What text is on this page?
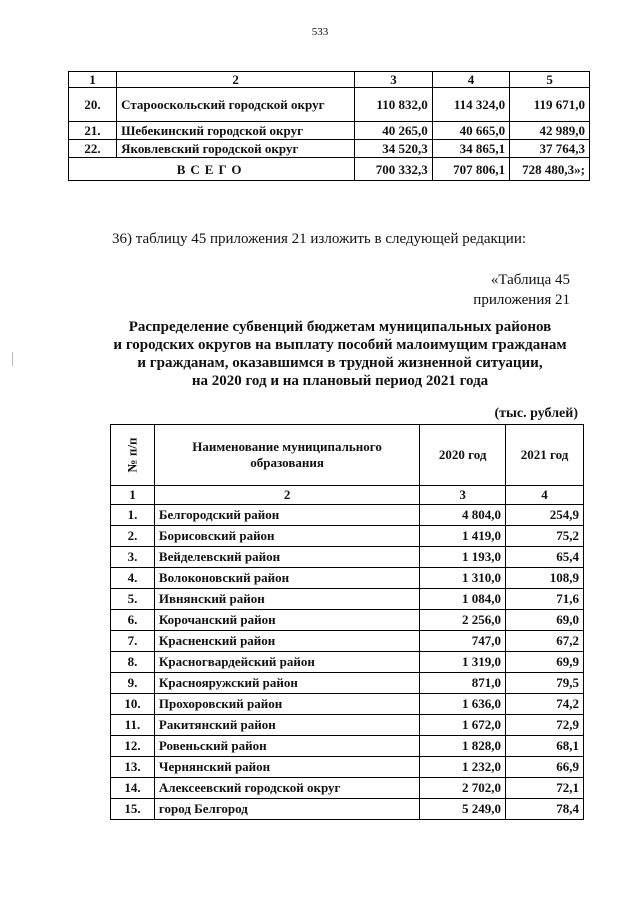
533
1	2	3	4	5
20.	Старооскольский городской округ	110 832,0	114 324,0	119 671,0
21.	Шебекинский городской округ	40 265,0	40 665,0	42 989,0
22.	Яковлевский городской округ	34 520,3	34 865,1	37 764,3
ВСЕГО		700 332,3	707 806,1	728 480,3»;
36) таблицу 45 приложения 21 изложить в следующей редакции:
«Таблица 45
приложения 21
Распределение субвенций бюджетам муниципальных районов
и городских округов на выплату пособий малоимущим гражданам
и гражданам, оказавшимся в трудной жизненной ситуации,
на 2020 год и на плановый период 2021 года
(тыс. рублей)
№ п/п	Наименование муниципального образования	2020 год	2021 год
1	2	3	4
1.	Белгородский район	4 804,0	254,9
2.	Борисовский район	1 419,0	75,2
3.	Вейделевский район	1 193,0	65,4
4.	Волоконовский район	1 310,0	108,9
5.	Ивнянский район	1 084,0	71,6
6.	Корочанский район	2 256,0	69,0
7.	Красненский район	747,0	67,2
8.	Красногвардейский район	1 319,0	69,9
9.	Краснояружский район	871,0	79,5
10.	Прохоровский район	1 636,0	74,2
11.	Ракитянский район	1 672,0	72,9
12.	Ровеньский район	1 828,0	68,1
13.	Чернянский район	1 232,0	66,9
14.	Алексеевский городской округ	2 702,0	72,1
15.	город Белгород	5 249,0	78,4
